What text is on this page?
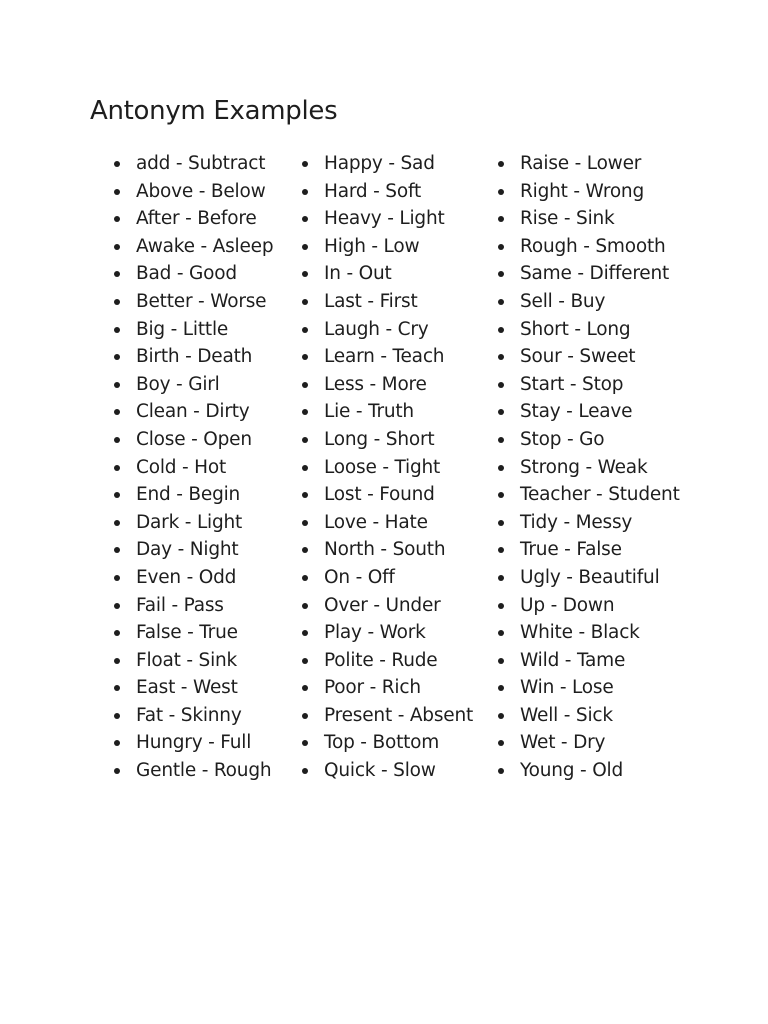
Antonym Examples
add - Subtract
Above - Below
After - Before
Awake - Asleep
Bad - Good
Better - Worse
Big - Little
Birth - Death
Boy - Girl
Clean - Dirty
Close - Open
Cold - Hot
End - Begin
Dark - Light
Day - Night
Even - Odd
Fail - Pass
False - True
Float - Sink
East - West
Fat - Skinny
Hungry - Full
Gentle - Rough
Happy - Sad
Hard - Soft
Heavy - Light
High - Low
In - Out
Last - First
Laugh - Cry
Learn - Teach
Less - More
Lie - Truth
Long - Short
Loose - Tight
Lost - Found
Love - Hate
North - South
On - Off
Over - Under
Play - Work
Polite - Rude
Poor - Rich
Present - Absent
Top - Bottom
Quick - Slow
Raise - Lower
Right - Wrong
Rise - Sink
Rough - Smooth
Same - Different
Sell - Buy
Short - Long
Sour - Sweet
Start - Stop
Stay - Leave
Stop - Go
Strong - Weak
Teacher - Student
Tidy - Messy
True - False
Ugly - Beautiful
Up - Down
White - Black
Wild - Tame
Win - Lose
Well - Sick
Wet - Dry
Young - Old
